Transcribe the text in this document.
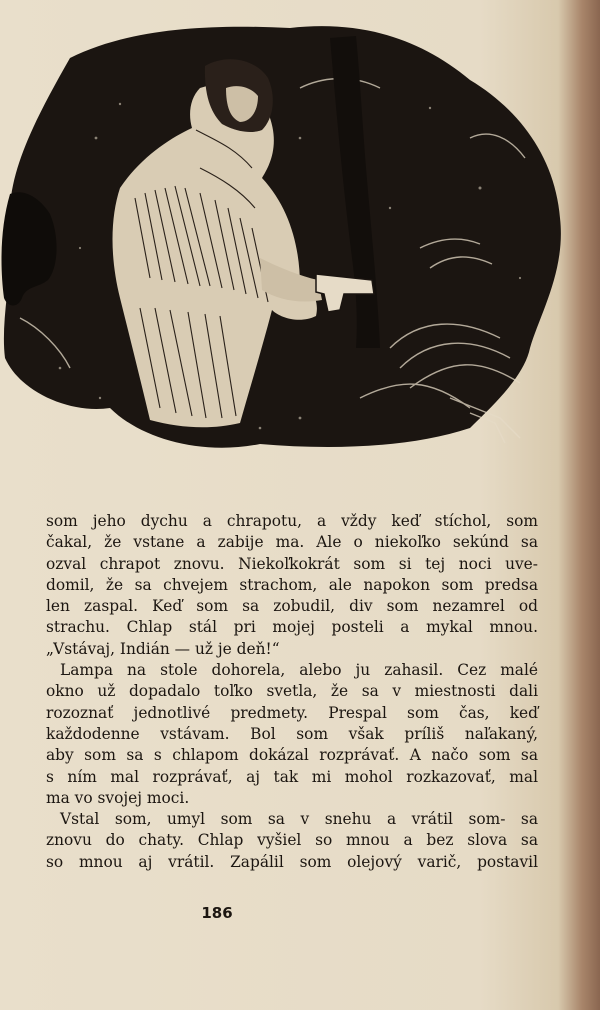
som jeho dychu a chrapotu, a vždy keď stíchol, som
čakal, že vstane a zabije ma. Ale o niekoľko sekúnd sa
ozval chrapot znovu. Niekoľkokrát som si tej noci uve-
domil, že sa chvejem strachom, ale napokon som predsa
len zaspal. Keď som sa zobudil, div som nezamrel od
strachu. Chlap stál pri mojej posteli a mykal mnou.
„Vstávaj, Indián — už je deň!“

Lampa na stole dohorela, alebo ju zahasil. Cez malé
okno už dopadalo toľko svetla, že sa v miestnosti dali
rozoznať jednotlivé predmety. Prespal som čas, keď
každodenne vstávam. Bol som však príliš naľakaný,
aby som sa s chlapom dokázal rozprávať. A načo som sa
s ním mal rozprávať, aj tak mi mohol rozkazovať, mal
ma vo svojej moci.

Vstal som, umyl som sa v snehu a vrátil som- sa
znovu do chaty. Chlap vyšiel so mnou a bez slova sa
so mnou aj vrátil. Zapálil som olejový varič, postavil

186
